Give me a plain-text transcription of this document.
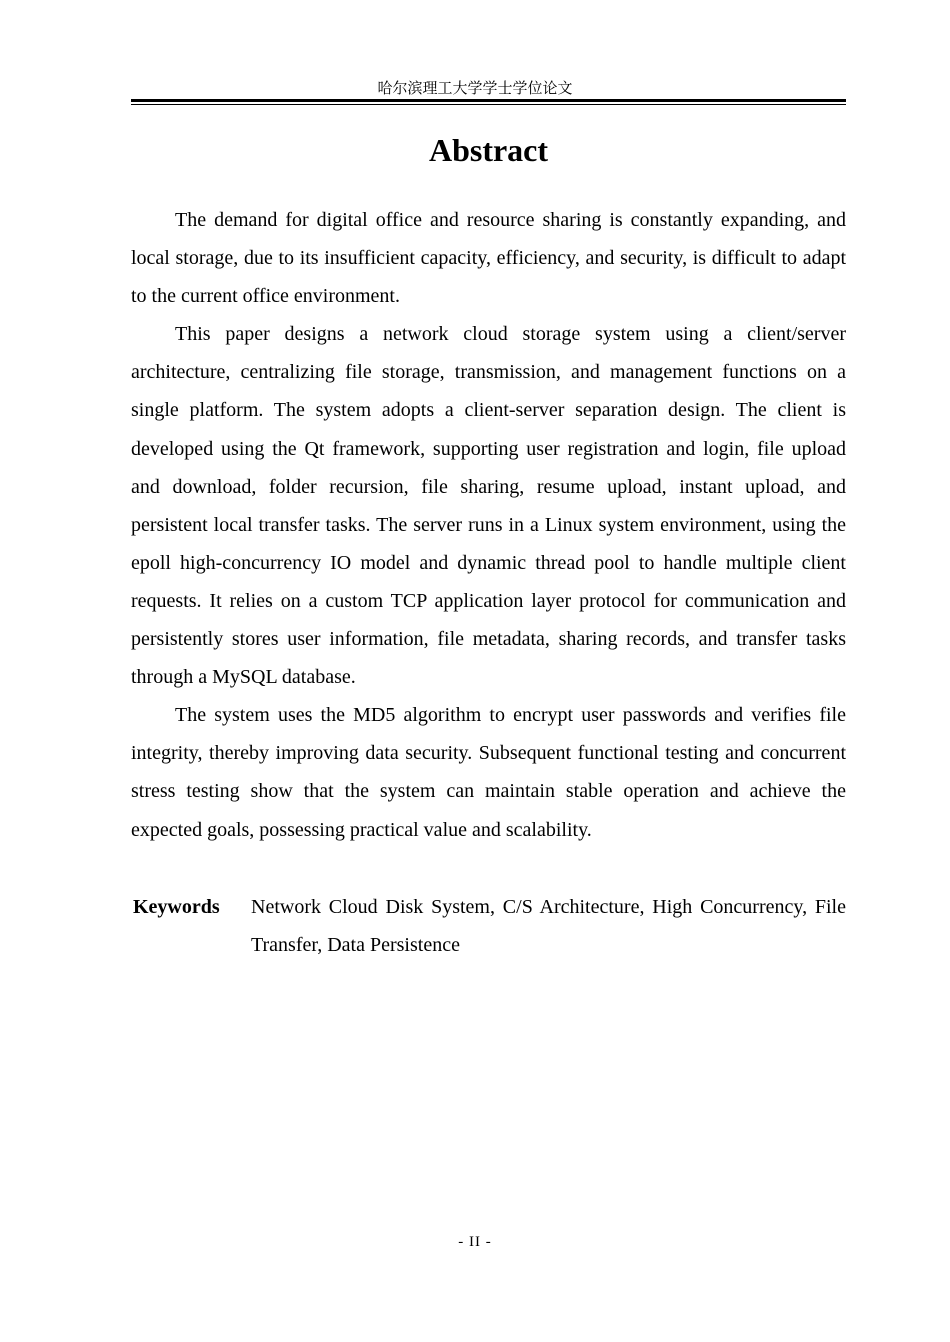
哈尔滨理工大学学士学位论文
Abstract

The demand for digital office and resource sharing is constantly expanding, and local storage, due to its insufficient capacity, efficiency, and security, is difficult to adapt to the current office environment.

This paper designs a network cloud storage system using a client/server architecture, centralizing file storage, transmission, and management functions on a single platform. The system adopts a client-server separation design. The client is developed using the Qt framework, supporting user registration and login, file upload and download, folder recursion, file sharing, resume upload, instant upload, and persistent local transfer tasks. The server runs in a Linux system environment, using the epoll high-concurrency IO model and dynamic thread pool to handle multiple client requests. It relies on a custom TCP application layer protocol for communication and persistently stores user information, file metadata, sharing records, and transfer tasks through a MySQL database.

The system uses the MD5 algorithm to encrypt user passwords and verifies file integrity, thereby improving data security. Subsequent functional testing and concurrent stress testing show that the system can maintain stable operation and achieve the expected goals, possessing practical value and scalability.

Keywords	Network Cloud Disk System, C/S Architecture, High Concurrency, File Transfer, Data Persistence
- II -
